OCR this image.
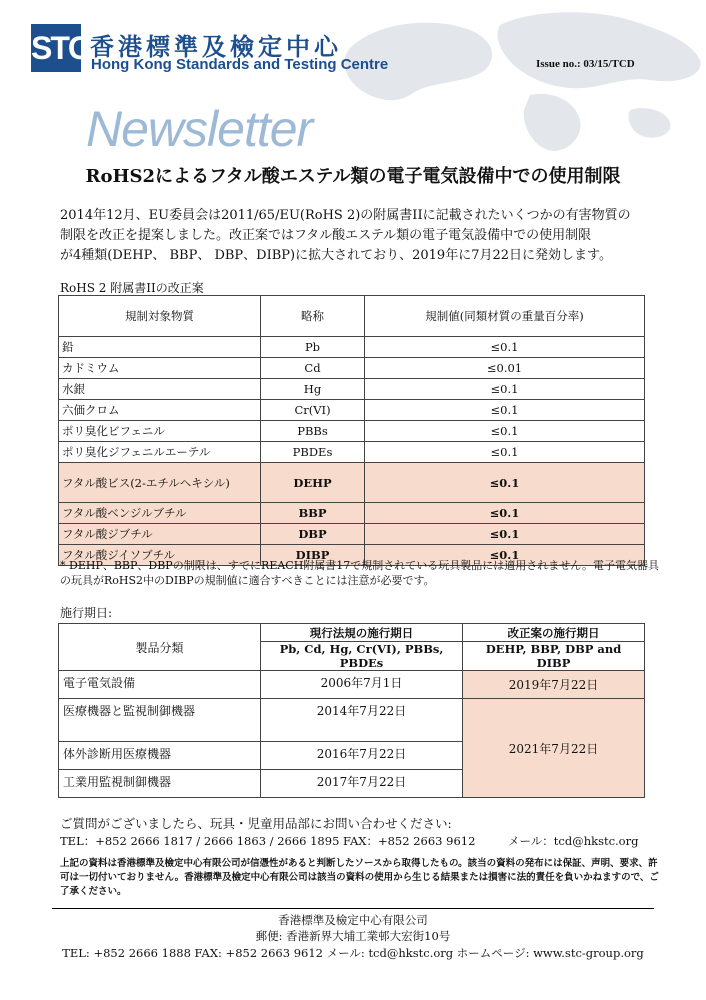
STC 香港標準及檢定中心
Hong Kong Standards and Testing Centre	Issue no.: 03/15/TCD
Newsletter
RoHS2によるフタル酸エステル類の電子電気設備中での使用制限
2014年12月、EU委員会は2011/65/EU(RoHS 2)の附属書IIに記載されたいくつかの有害物質の
制限を改正を提案しました。改正案ではフタル酸エステル類の電子電気設備中での使用制限
が4種類(DEHP、 BBP、 DBP、DIBP)に拡大されており、2019年に7月22日に発効します。
RoHS 2 附属書IIの改正案
規制対象物質	略称	規制値(同類材質の重量百分率)
鉛	Pb	≤0.1
カドミウム	Cd	≤0.01
水銀	Hg	≤0.1
六価クロム	Cr(VI)	≤0.1
ポリ臭化ビフェニル	PBBs	≤0.1
ポリ臭化ジフェニルエーテル	PBDEs	≤0.1
フタル酸ビス(2-エチルヘキシル)	DEHP	≤0.1
フタル酸ベンジルブチル	BBP	≤0.1
フタル酸ジブチル	DBP	≤0.1
フタル酸ジイソブチル	DIBP	≤0.1
* DEHP、BBP、DBPの制限は、すでにREACH附属書17で規制されている玩具製品には適用されません。電子電気器具の玩具がRoHS2中のDIBPの規制値に適合すべきことには注意が必要です。
施行期日:
製品分類	現行法規の施行期日	改正案の施行期日
	Pb, Cd, Hg, Cr(VI), PBBs, PBDEs	DEHP, BBP, DBP and DIBP
電子電気設備	2006年7月1日	2019年7月22日
医療機器と監視制御機器	2014年7月22日	2021年7月22日
体外診断用医療機器	2016年7月22日	
工業用監視制御機器	2017年7月22日	
ご質問がございましたら、玩具・児童用品部にお問い合わせください:
TEL：+852 2666 1817 / 2666 1863 / 2666 1895 FAX：+852 2663 9612	メール：tcd@hkstc.org
上記の資料は香港標準及檢定中心有限公司が信憑性があると判断したソースから取得したもの。該当の資料の発布には保証、声明、要求、許可は一切付いておりません。香港標準及檢定中心有限公司は該当の資料の使用から生じる結果または損害に法的責任を負いかねますので、ご了承ください。
香港標準及檢定中心有限公司
郵便: 香港新界大埔工業邨大宏街10号
TEL: +852 2666 1888 FAX: +852 2663 9612 メール: tcd@hkstc.org ホームページ: www.stc-group.org
